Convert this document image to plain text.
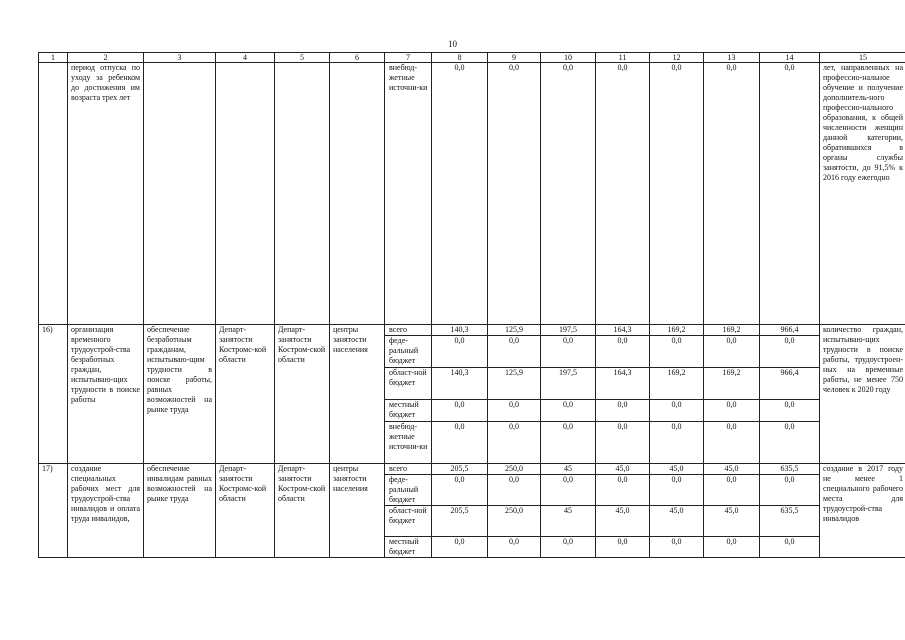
10
1	2	3	4	5	6	7	8	9	10	11	12	13	14	15
	период отпуска по уходу за ребенком до достижения им возраста трех лет					внебюд-жетные источни-ки	0,0	0,0	0,0	0,0	0,0	0,0	0,0	лет, направленных на профессио-нальное обучение и получение дополнитель-ного профессио-нального образования, к общей численности женщин данной категории, обратившихся в органы службы занятости, до 91,5% к 2016 году ежегодно
16)	организация временного трудоустрой-ства безработных граждан, испытываю-щих трудности в поиске работы	обеспечение безработным гражданам, испытываю-щим трудности в поиске работы, равных возможностей на рынке труда	Департ-занятости Костромс-кой области	Департ-занятости Костром-ской области	центры занятости населения	всего	140,3	125,9	197,5	164,3	169,2	169,2	966,4	количество граждан, испытываю-щих трудности в поиске работы, трудоустроен-ных на временные работы, не менее 750 человек к 2020 году
						феде-ральный бюджет	0,0	0,0	0,0	0,0	0,0	0,0	0,0	
						област-ной бюджет	140,3	125,9	197,5	164,3	169,2	169,2	966,4	
						местный бюджет	0,0	0,0	0,0	0,0	0,0	0,0	0,0	
						внебюд-жетные источни-ки	0,0	0,0	0,0	0,0	0,0	0,0	0,0	
17)	создание специальных рабочих мест для трудоустрой-ства инвалидов и оплата труда инвалидов,	обеспечение инвалидам равных возможностей на рынке труда	Департ-занятости Костромс-кой области	Департ-занятости Костром-ской области	центры занятости населения	всего	205,5	250,0	45	45,0	45,0	45,0	635,5	создание в 2017 году не менее 1 специального рабочего места для трудоустрой-ства инвалидов
						феде-ральный бюджет	0,0	0,0	0,0	0,0	0,0	0,0	0,0	
						област-ной бюджет	205,5	250,0	45	45,0	45,0	45,0	635,5	
						местный бюджет	0,0	0,0	0,0	0,0	0,0	0,0	0,0	
